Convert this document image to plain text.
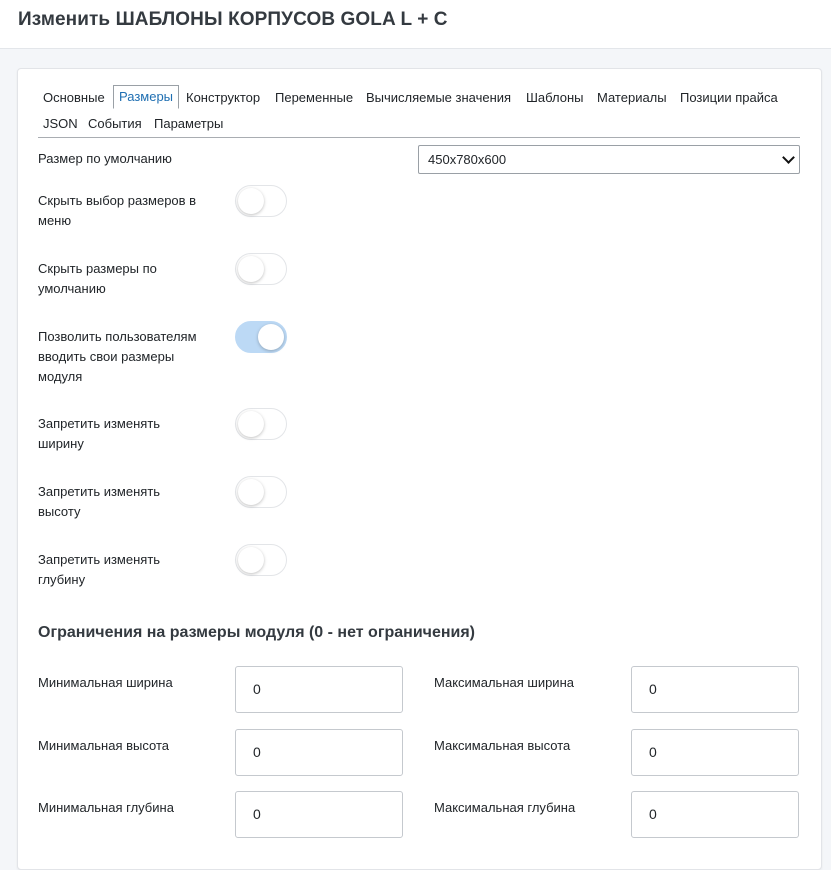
Изменить ШАБЛОНЫ КОРПУСОВ GOLA L + C
Основные	Размеры Конструктор	Переменные Вычисляемые значения	Шаблоны	Материалы	Позиции прайса
JSON События Параметры
Размер по умолчанию	450x780x600
Скрыть выбор размеров в
меню
Скрыть размеры по
умолчанию
Позволить пользователям
вводить свои размеры
модуля
Запретить изменять
ширину
Запретить изменять
высоту
Запретить изменять
глубину
Ограничения на размеры модуля (0 - нет ограничения)
Минимальная ширина	0	Максимальная ширина	0
Минимальная высота	0	Максимальная высота	0
Минимальная глубина	0	Максимальная глубина	0
